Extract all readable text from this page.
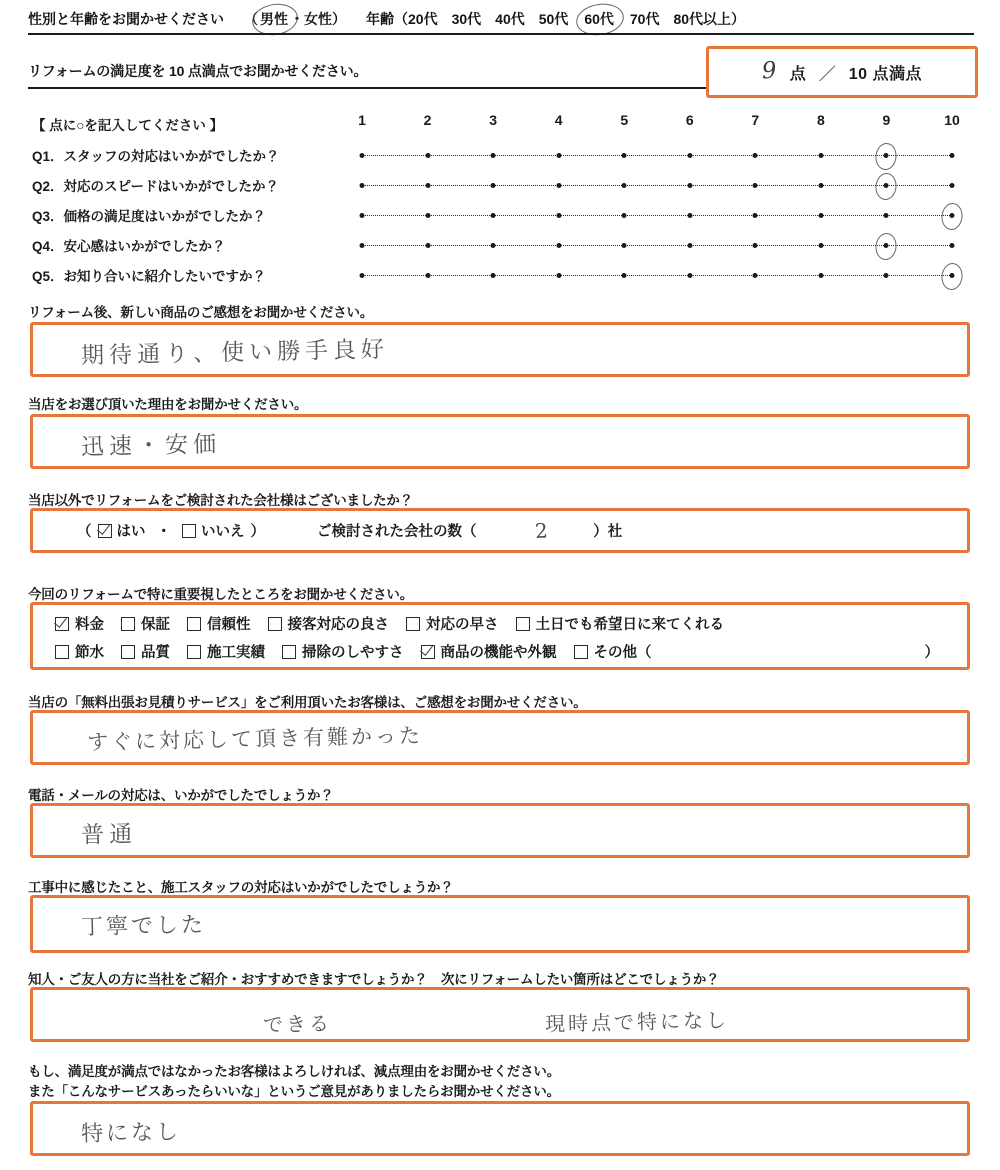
性別と年齢をお聞かせください （ 男性 ・女性） 年齢 （20代 30代 40代 50代 60代 70代 80代以上）
リフォームの満足度を 10 点満点でお聞かせください。	9 点 ／ 10 点満点
【 点に○を記入してください 】	1	2	3	4	5	6	7	8	9	10
Q1．スタッフの対応はいかがでしたか？
Q2．対応のスピードはいかがでしたか？
Q3．価格の満足度はいかがでしたか？
Q4．安心感はいかがでしたか？
Q5．お知り合いに紹介したいですか？
リフォーム後、新しい商品のご感想をお聞かせください。
期待通り、使い勝手良好
当店をお選び頂いた理由をお聞かせください。
迅速・安価
当店以外でリフォームをご検討された会社様はございましたか？
（	はい ・	いいえ ）	ご検討された会社の数（	2	）社
今回のリフォームで特に重要視したところをお聞かせください。
料金	保証	信頼性	接客対応の良さ	対応の早さ	土日でも希望日に来てくれる
節水	品質	施工実績	掃除のしやすさ	商品の機能や外観	その他（	）
当店の「無料出張お見積りサービス」をご利用頂いたお客様は、ご感想をお聞かせください。
すぐに対応して頂き有難かった
電話・メールの対応は、いかがでしたでしょうか？
普通
工事中に感じたこと、施工スタッフの対応はいかがでしたでしょうか？
丁寧でした
知人・ご友人の方に当社をご紹介・おすすめできますでしょうか？　次にリフォームしたい箇所はどこでしょうか？
できる	現時点で特になし
もし、満足度が満点ではなかったお客様はよろしければ、減点理由をお聞かせください。
また「こんなサービスあったらいいな」というご意見がありましたらお聞かせください。
特になし
